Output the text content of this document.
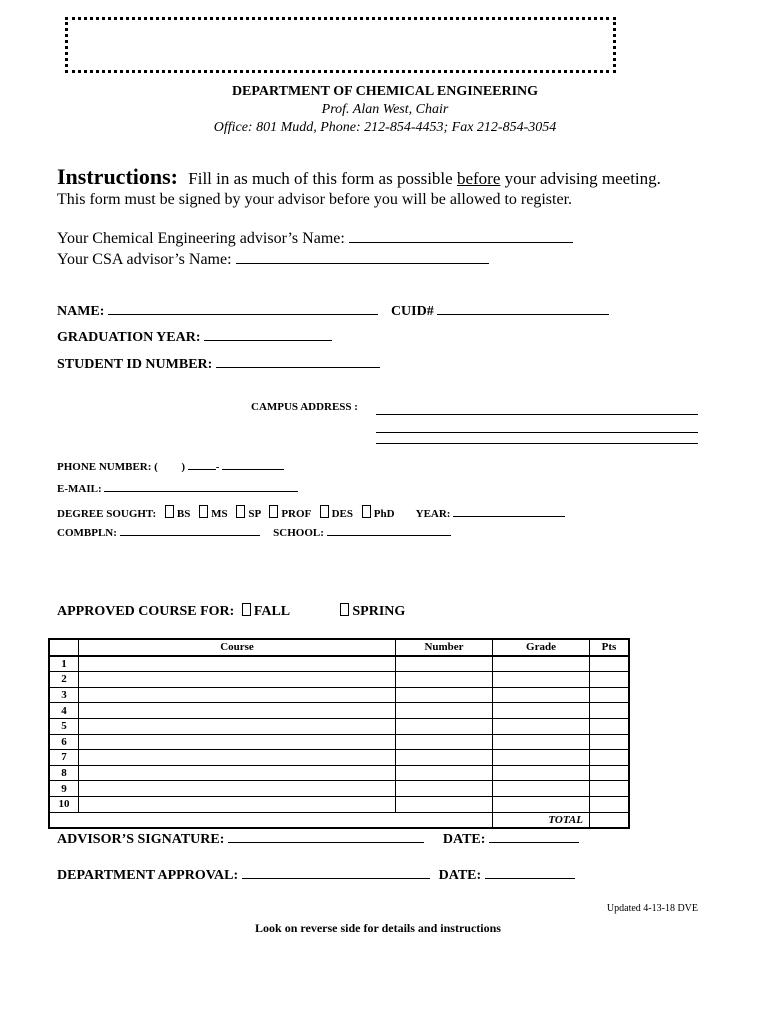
DEPARTMENT OF CHEMICAL ENGINEERING
Prof. Alan West, Chair
Office: 801 Mudd, Phone: 212-854-4453; Fax 212-854-3054
Instructions: Fill in as much of this form as possible before your advising meeting.
This form must be signed by your advisor before you will be allowed to register.
Your Chemical Engineering advisor’s Name:
Your CSA advisor’s Name:
NAME:	CUID#
GRADUATION YEAR:
STUDENT ID NUMBER:
CAMPUS ADDRESS :
PHONE NUMBER: ( )	-
E-MAIL:
DEGREE SOUGHT: BS MS SP PROF DES PhD YEAR:
COMBPLN:	SCHOOL:
APPROVED COURSE FOR: FALL	SPRING
	Course	Number	Grade	Pts
1				
2				
3				
4				
5				
6				
7				
8				
9				
10				
			TOTAL	
ADVISOR’S SIGNATURE:	DATE:
DEPARTMENT APPROVAL:	DATE:
Updated 4-13-18 DVE
Look on reverse side for details and instructions
